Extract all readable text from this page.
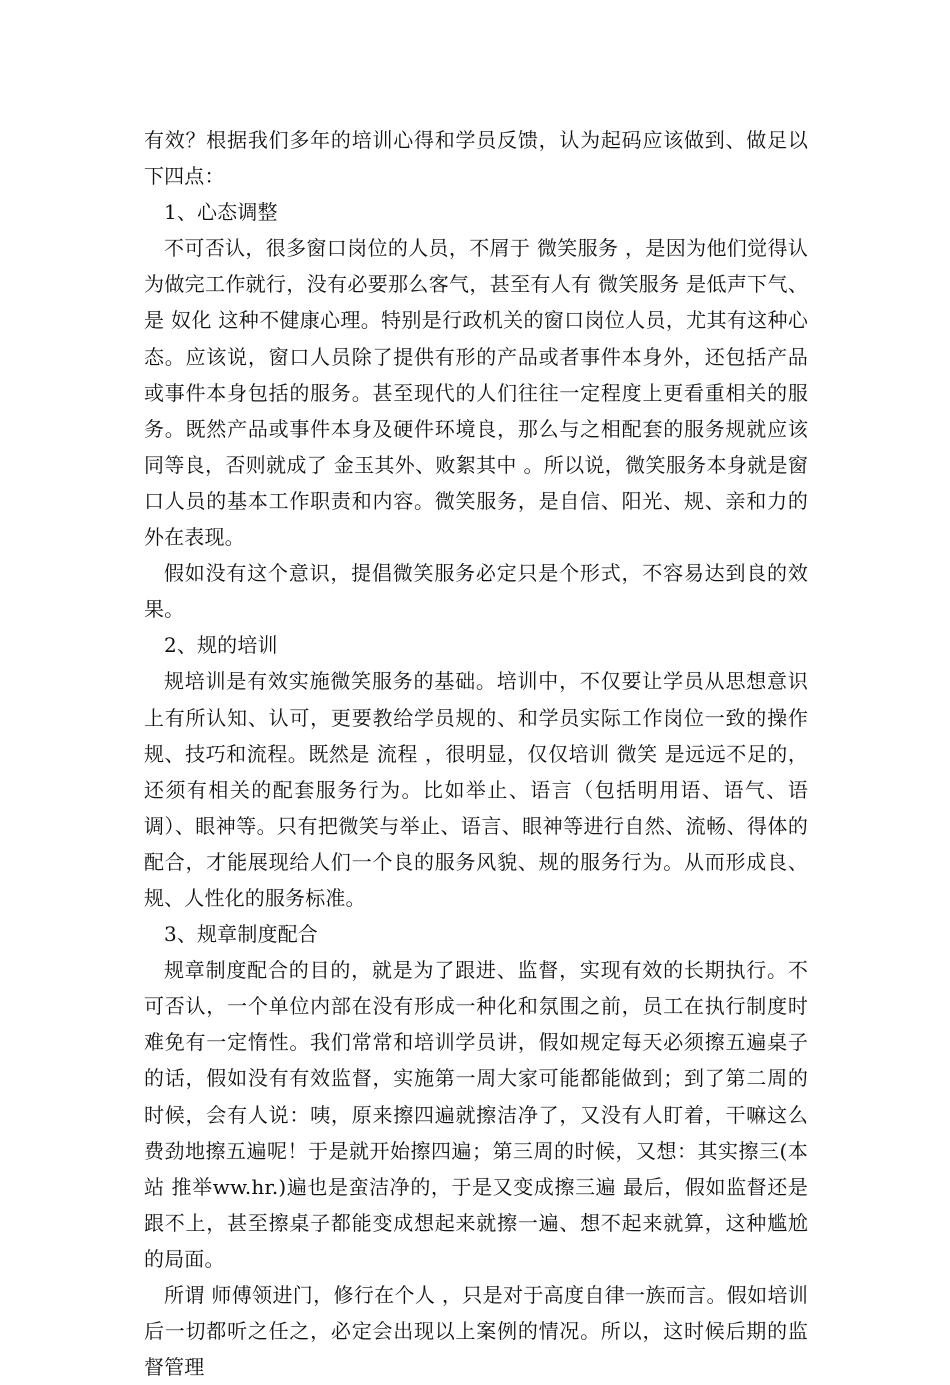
有效？根据我们多年的培训心得和学员反馈，认为起码应该做到、做足以下四点：

1、心态调整

不可否认，很多窗口岗位的人员，不屑于 微笑服务 ，是因为他们觉得认为做完工作就行，没有必要那么客气，甚至有人有 微笑服务 是低声下气、是 奴化 这种不健康心理。特别是行政机关的窗口岗位人员，尤其有这种心态。应该说，窗口人员除了提供有形的产品或者事件本身外，还包括产品或事件本身包括的服务。甚至现代的人们往往一定程度上更看重相关的服务。既然产品或事件本身及硬件环境良，那么与之相配套的服务规就应该同等良，否则就成了 金玉其外、败絮其中 。所以说，微笑服务本身就是窗口人员的基本工作职责和内容。微笑服务，是自信、阳光、规、亲和力的外在表现。

假如没有这个意识，提倡微笑服务必定只是个形式，不容易达到良的效果。

2、规的培训

规培训是有效实施微笑服务的基础。培训中，不仅要让学员从思想意识上有所认知、认可，更要教给学员规的、和学员实际工作岗位一致的操作规、技巧和流程。既然是 流程 ，很明显，仅仅培训 微笑 是远远不足的，还须有相关的配套服务行为。比如举止、语言（包括明用语、语气、语调）、眼神等。只有把微笑与举止、语言、眼神等进行自然、流畅、得体的配合，才能展现给人们一个良的服务风貌、规的服务行为。从而形成良、规、人性化的服务标准。

3、规章制度配合

规章制度配合的目的，就是为了跟进、监督，实现有效的长期执行。不可否认，一个单位内部在没有形成一种化和氛围之前，员工在执行制度时难免有一定惰性。我们常常和培训学员讲，假如规定每天必须擦五遍桌子的话，假如没有有效监督，实施第一周大家可能都能做到；到了第二周的时候，会有人说：咦，原来擦四遍就擦洁净了，又没有人盯着，干嘛这么费劲地擦五遍呢！于是就开始擦四遍；第三周的时候，又想：其实擦三(本站 推举ww.hr.)遍也是蛮洁净的，于是又变成擦三遍 最后，假如监督还是跟不上，甚至擦桌子都能变成想起来就擦一遍、想不起来就算，这种尴尬的局面。

所谓 师傅领进门，修行在个人 ，只是对于高度自律一族而言。假如培训后一切都听之任之，必定会出现以上案例的情况。所以，这时候后期的监督管理
